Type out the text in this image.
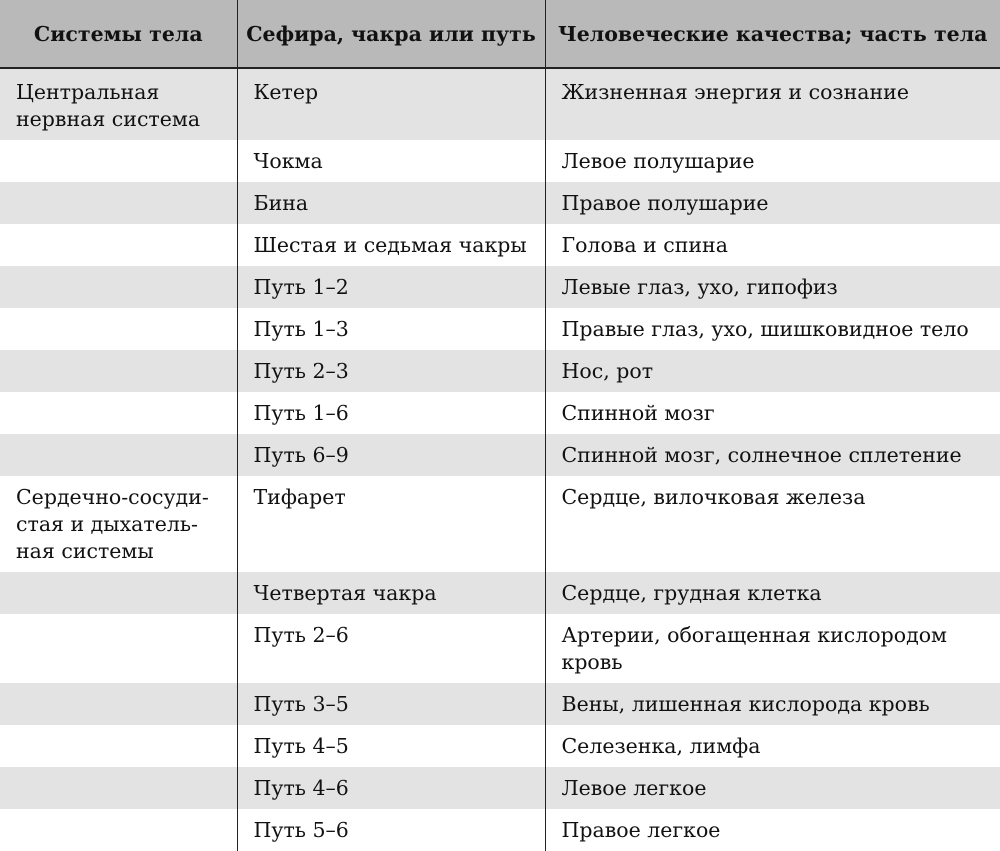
Системы тела	Сефира, чакра или путь	Человеческие качества; часть тела
Центральная нервная система	Кетер	Жизненная энергия и сознание
	Чокма	Левое полушарие
	Бина	Правое полушарие
	Шестая и седьмая чакры	Голова и спина
	Путь 1–2	Левые глаз, ухо, гипофиз
	Путь 1–3	Правые глаз, ухо, шишковидное тело
	Путь 2–3	Нос, рот
	Путь 1–6	Спинной мозг
	Путь 6–9	Спинной мозг, солнечное сплетение
Сердечно-сосуди-стая и дыхатель-ная системы	Тифарет	Сердце, вилочковая железа
	Четвертая чакра	Сердце, грудная клетка
	Путь 2–6	Артерии, обогащенная кислородом кровь
	Путь 3–5	Вены, лишенная кислорода кровь
	Путь 4–5	Селезенка, лимфа
	Путь 4–6	Левое легкое
	Путь 5–6	Правое легкое
